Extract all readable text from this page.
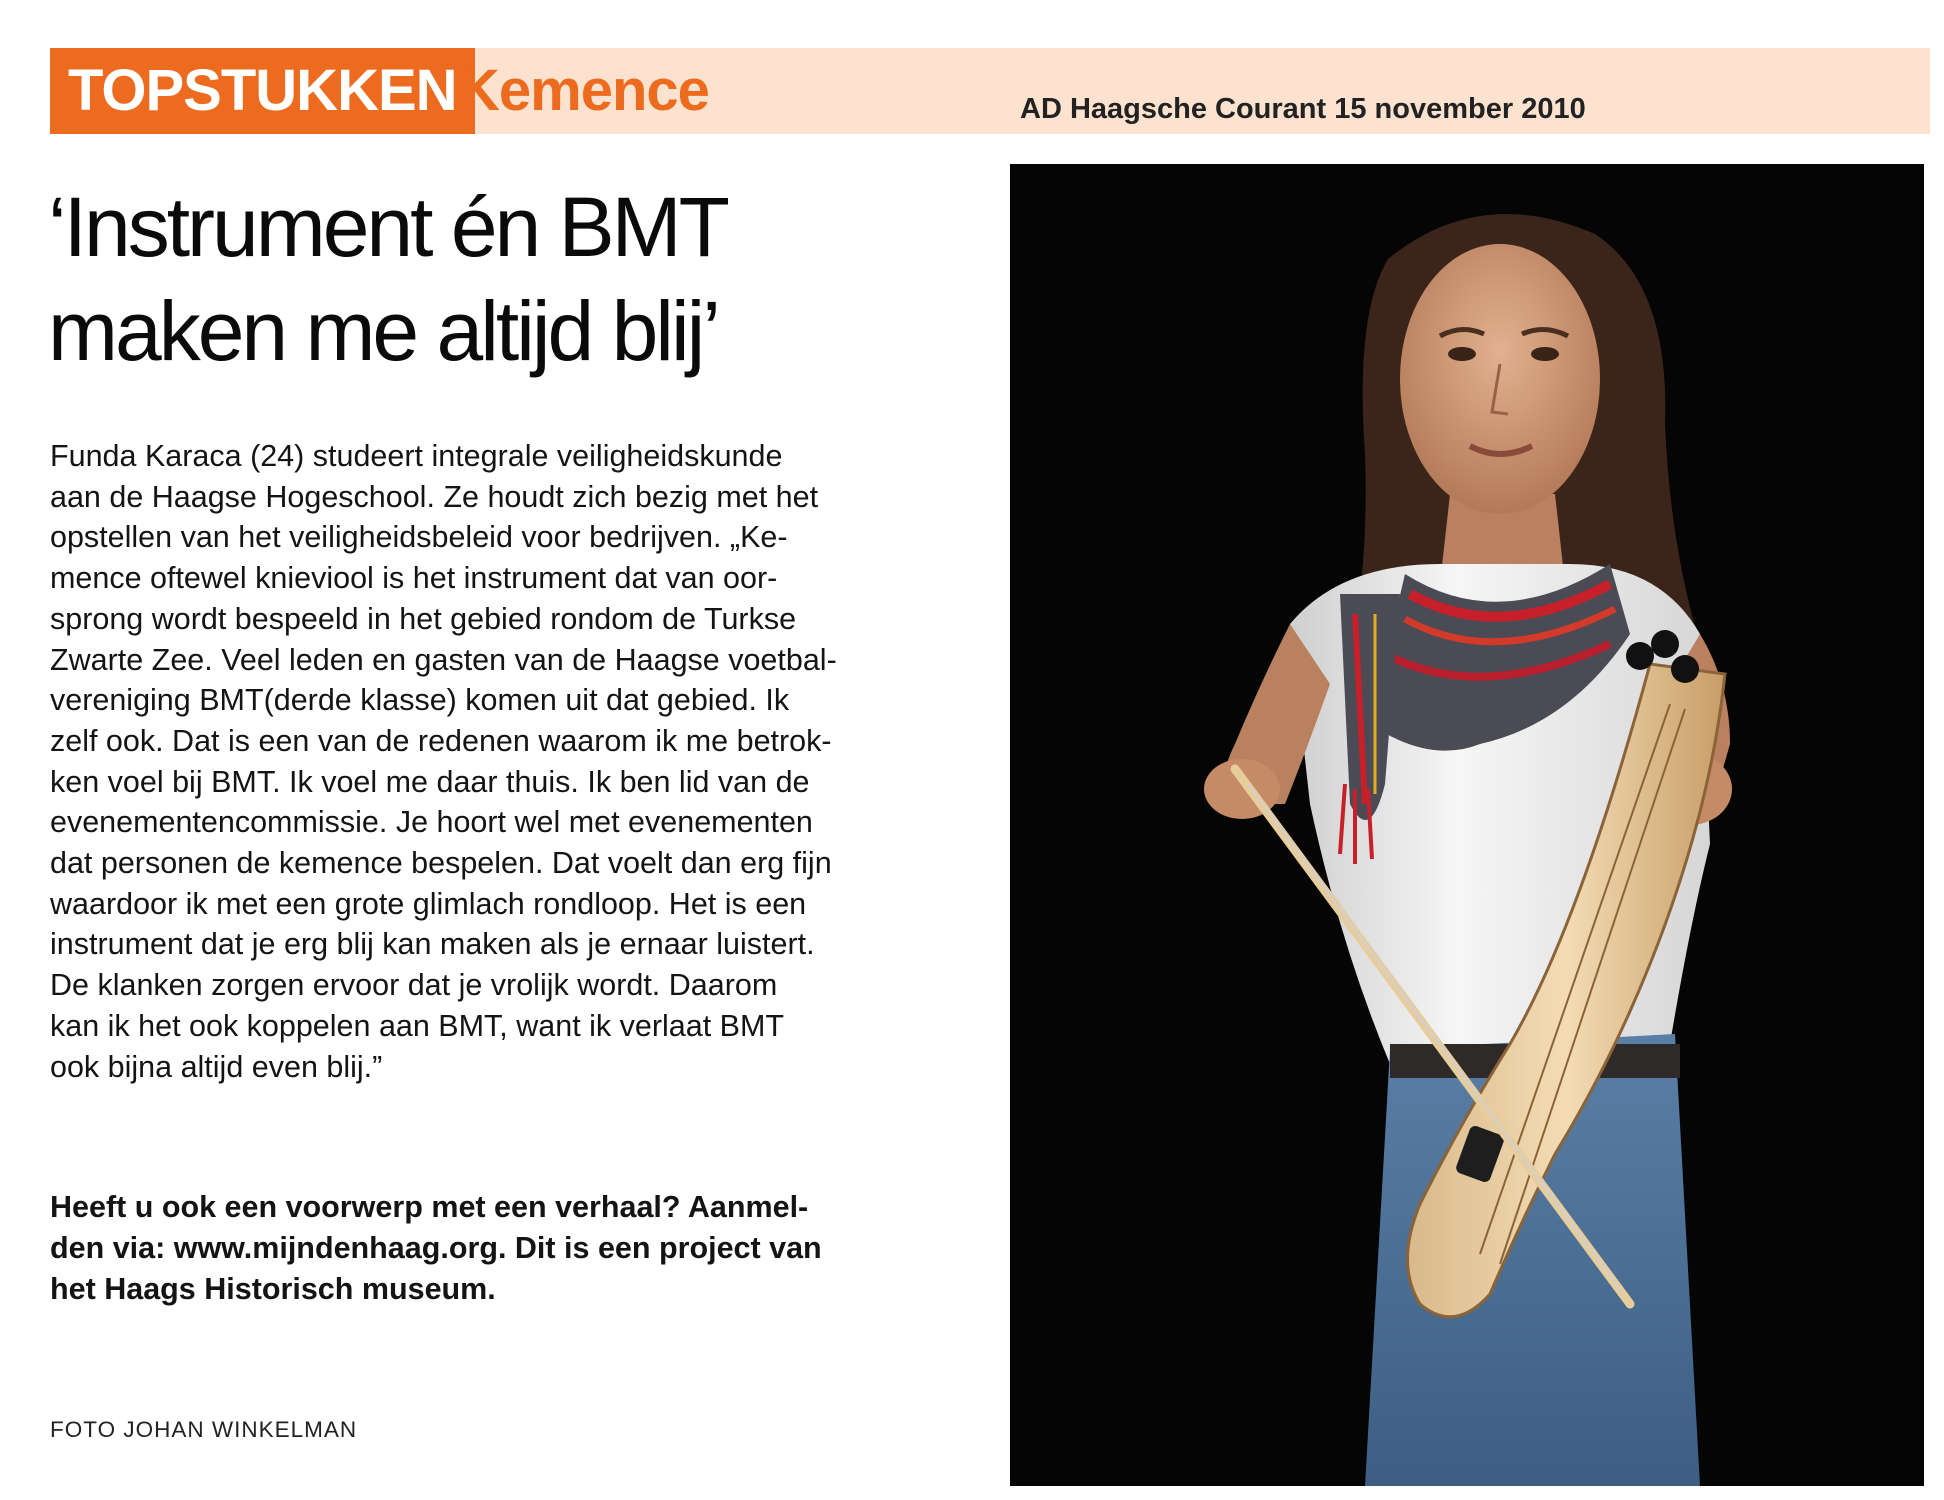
TOPSTUKKEN Kemence	AD Haagsche Courant 15 november 2010
‘Instrument én BMT
maken me altijd blij’

Funda Karaca (24) studeert integrale veiligheidskunde
aan de Haagse Hogeschool. Ze houdt zich bezig met het
opstellen van het veiligheidsbeleid voor bedrijven. „Ke-
mence oftewel knieviool is het instrument dat van oor-
sprong wordt bespeeld in het gebied rondom de Turkse
Zwarte Zee. Veel leden en gasten van de Haagse voetbal-
vereniging BMT(derde klasse) komen uit dat gebied. Ik
zelf ook. Dat is een van de redenen waarom ik me betrok-
ken voel bij BMT. Ik voel me daar thuis. Ik ben lid van de
evenementencommissie. Je hoort wel met evenementen
dat personen de kemence bespelen. Dat voelt dan erg fijn
waardoor ik met een grote glimlach rondloop. Het is een
instrument dat je erg blij kan maken als je ernaar luistert.
De klanken zorgen ervoor dat je vrolijk wordt. Daarom
kan ik het ook koppelen aan BMT, want ik verlaat BMT
ook bijna altijd even blij.”

Heeft u ook een voorwerp met een verhaal? Aanmel-
den via: www.mijndenhaag.org. Dit is een project van
het Haags Historisch museum.

FOTO JOHAN WINKELMAN
